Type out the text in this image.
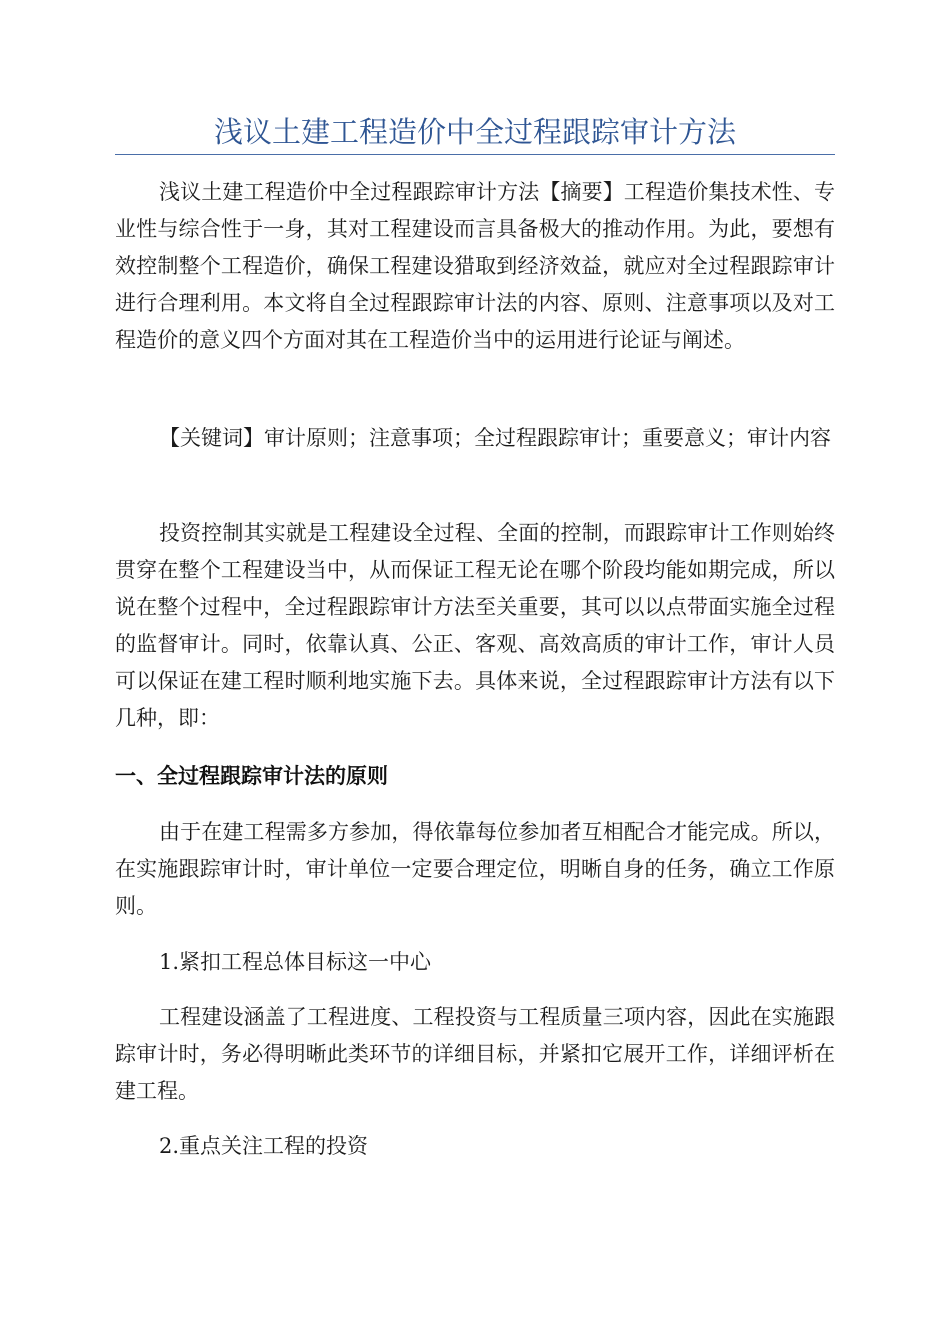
浅议土建工程造价中全过程跟踪审计方法

浅议土建工程造价中全过程跟踪审计方法【摘要】工程造价集技术性、专业性与综合性于一身，其对工程建设而言具备极大的推动作用。为此，要想有效控制整个工程造价，确保工程建设猎取到经济效益，就应对全过程跟踪审计进行合理利用。本文将自全过程跟踪审计法的内容、原则、注意事项以及对工程造价的意义四个方面对其在工程造价当中的运用进行论证与阐述。

【关键词】审计原则；注意事项；全过程跟踪审计；重要意义；审计内容

投资控制其实就是工程建设全过程、全面的控制，而跟踪审计工作则始终贯穿在整个工程建设当中，从而保证工程无论在哪个阶段均能如期完成，所以说在整个过程中，全过程跟踪审计方法至关重要，其可以以点带面实施全过程的监督审计。同时，依靠认真、公正、客观、高效高质的审计工作，审计人员可以保证在建工程时顺利地实施下去。具体来说，全过程跟踪审计方法有以下几种，即：

一、全过程跟踪审计法的原则

由于在建工程需多方参加，得依靠每位参加者互相配合才能完成。所以，在实施跟踪审计时，审计单位一定要合理定位，明晰自身的任务，确立工作原则。

1.紧扣工程总体目标这一中心

工程建设涵盖了工程进度、工程投资与工程质量三项内容，因此在实施跟踪审计时，务必得明晰此类环节的详细目标，并紧扣它展开工作，详细评析在建工程。

2.重点关注工程的投资
